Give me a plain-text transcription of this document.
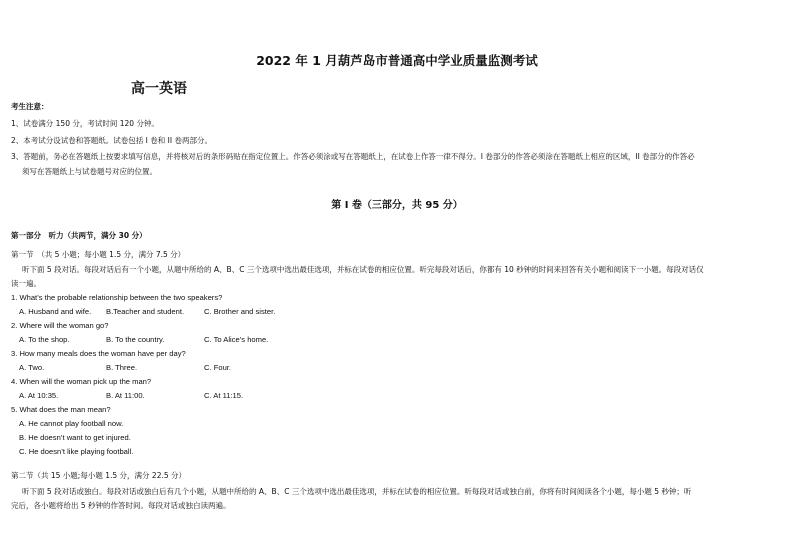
2022 年 1 月葫芦岛市普通高中学业质量监测考试
高一英语
考生注意：
1、试卷满分 150 分，考试时间 120 分钟。
2、本考试分设试卷和答题纸。试卷包括 I 卷和 II 卷两部分。
3、答题前，务必在答题纸上按要求填写信息，并将核对后的条形码贴在指定位置上。作答必须涂或写在答题纸上，在试卷上作答一律不得分。I 卷部分的作答必须涂在答题纸上相应的区域，II 卷部分的作答必
须写在答题纸上与试卷题号对应的位置。
第 I 卷（三部分，共 95 分）
第一部分　听力（共两节，满分 30 分）
第一节　（共 5 小题；每小题 1.5 分，满分 7.5 分）
听下面 5 段对话。每段对话后有一个小题，从题中所给的 A、B、C 三个选项中选出最佳选项，并标在试卷的相应位置。听完每段对话后，你都有 10 秒钟的时间来回答有关小题和阅读下一小题。每段对话仅
读一遍。
1. What’s the probable relationship between the two speakers?
A. Husband and wife. B.Teacher and student.	C. Brother and sister.
2. Where will the woman go?
A. To the shop.	B. To the country.	C. To Alice’s home.
3. How many meals does the woman have per day?
A. Two.	B. Three.	C. Four.
4. When will the woman pick up the man?
A. At 10:35.	B. At 11:00.	C. At 11:15.
5. What does the man mean?
A. He cannot play football now.
B. He doesn’t want to get injured.
C. He doesn’t like playing football.
第二节（共 15 小题;每小题 1.5 分，满分 22.5 分）
听下面 5 段对话或独白。每段对话或独白后有几个小题，从题中所给的 A、B、C 三个选项中选出最佳选项，并标在试卷的相应位置。听每段对话或独白前，你将有时间阅读各个小题，每小题 5 秒钟；听
完后，各小题将给出 5 秒钟的作答时间。每段对话或独白读两遍。
